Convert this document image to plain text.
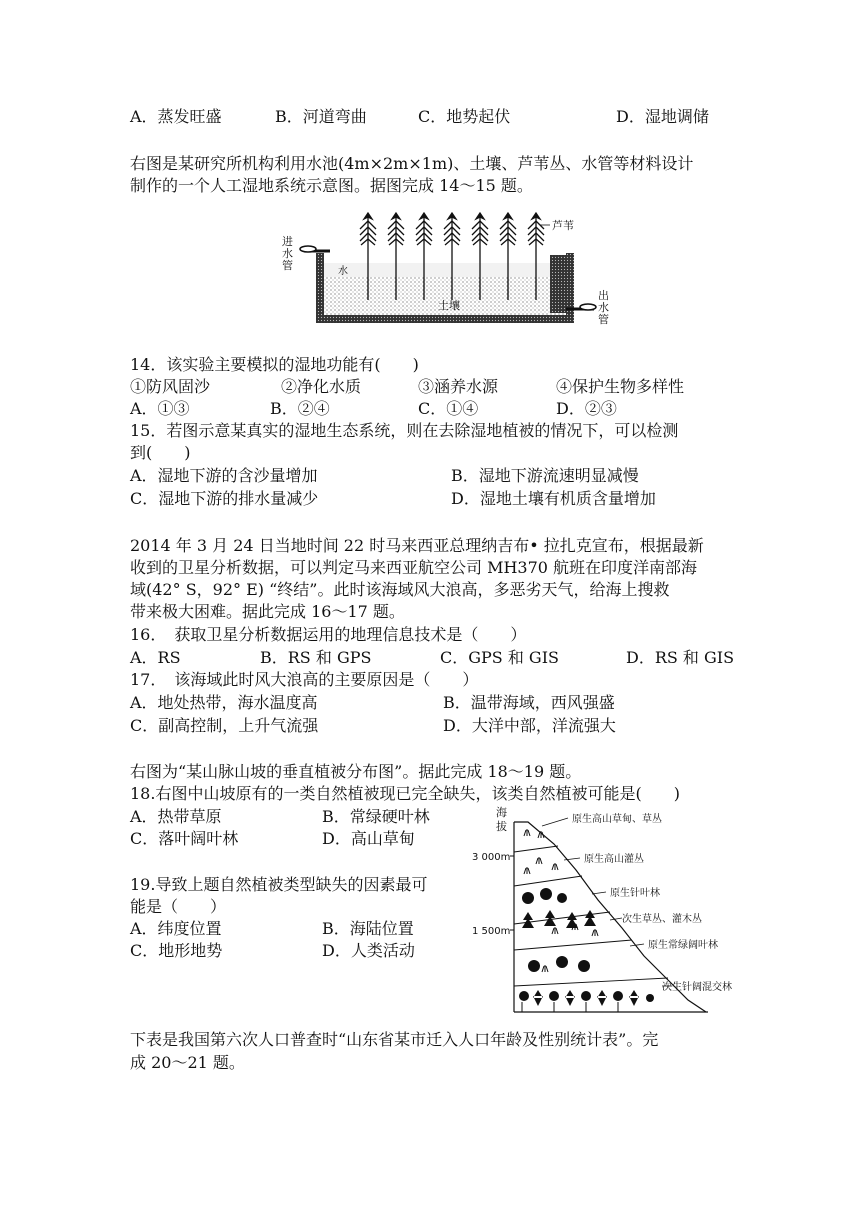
A．蒸发旺盛	B．河道弯曲	C．地势起伏	D．湿地调储
右图是某研究所机构利用水池(4m×2m×1m)、土壤、芦苇丛、水管等材料设计
制作的一个人工湿地系统示意图。据图完成 14～15 题。
芦苇
水
土壤
进
水
管
出
水
管
14．该实验主要模拟的湿地功能有(　　)
①防风固沙	②净化水质	③涵养水源	④保护生物多样性
A．①③	B．②④	C．①④	D．②③
15．若图示意某真实的湿地生态系统，则在去除湿地植被的情况下，可以检测
到(　　)
A．湿地下游的含沙量增加	B．湿地下游流速明显减慢
C．湿地下游的排水量减少	D．湿地土壤有机质含量增加
2014 年 3 月 24 日当地时间 22 时马来西亚总理纳吉布• 拉扎克宣布，根据最新
收到的卫星分析数据，可以判定马来西亚航空公司 MH370 航班在印度洋南部海
域(42° S，92° E) “终结”。此时该海域风大浪高，多恶劣天气，给海上搜救
带来极大困难。据此完成 16～17 题。
16．　获取卫星分析数据运用的地理信息技术是（　　）
A．RS	B．RS 和 GPS	C．GPS 和 GIS	D．RS 和 GIS
17．　该海域此时风大浪高的主要原因是（　　）
A．地处热带，海水温度高	B．温带海域，西风强盛
C．副高控制，上升气流强	D．大洋中部，洋流强大
右图为“某山脉山坡的垂直植被分布图”。据此完成 18～19 题。
18.右图中山坡原有的一类自然植被现已完全缺失，该类自然植被可能是(　　)
A．热带草原	B．常绿硬叶林
C．落叶阔叶林	D．高山草甸
19.导致上题自然植被类型缺失的因素最可
能是（　　）
A．纬度位置	B．海陆位置
C．地形地势	D．人类活动
海
拔
3 000m
1 500m
原生高山草甸、草丛
原生高山灌丛
原生针叶林
次生草丛、灌木丛
原生常绿阔叶林
次生针阔混交林
下表是我国第六次人口普查时“山东省某市迁入人口年龄及性别统计表”。完
成 20～21 题。
